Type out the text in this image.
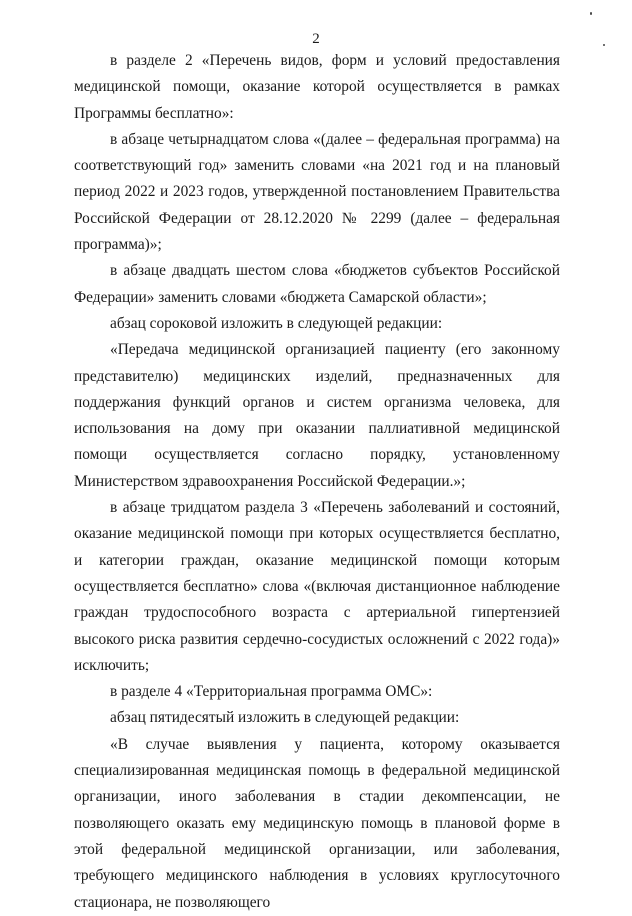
2

в разделе 2 «Перечень видов, форм и условий предоставления медицинской помощи, оказание которой осуществляется в рамках Программы бесплатно»:

в абзаце четырнадцатом слова «(далее – федеральная программа) на соответствующий год» заменить словами «на 2021 год и на плановый период 2022 и 2023 годов, утвержденной постановлением Правительства Российской Федерации от 28.12.2020 № 2299 (далее – федеральная программа)»;

в абзаце двадцать шестом слова «бюджетов субъектов Российской Федерации» заменить словами «бюджета Самарской области»;

абзац сороковой изложить в следующей редакции:

«Передача медицинской организацией пациенту (его законному представителю) медицинских изделий, предназначенных для поддержания функций органов и систем организма человека, для использования на дому при оказании паллиативной медицинской помощи осуществляется согласно порядку, установленному Министерством здравоохранения Российской Федерации.»;

в абзаце тридцатом раздела 3 «Перечень заболеваний и состояний, оказание медицинской помощи при которых осуществляется бесплатно, и категории граждан, оказание медицинской помощи которым осуществляется бесплатно» слова «(включая дистанционное наблюдение граждан трудоспособного возраста с артериальной гипертензией высокого риска развития сердечно-сосудистых осложнений с 2022 года)» исключить;

в разделе 4 «Территориальная программа ОМС»:

абзац пятидесятый изложить в следующей редакции:

«В случае выявления у пациента, которому оказывается специализированная медицинская помощь в федеральной медицинской организации, иного заболевания в стадии декомпенсации, не позволяющего оказать ему медицинскую помощь в плановой форме в этой федеральной медицинской организации, или заболевания, требующего медицинского наблюдения в условиях круглосуточного стационара, не позволяющего
